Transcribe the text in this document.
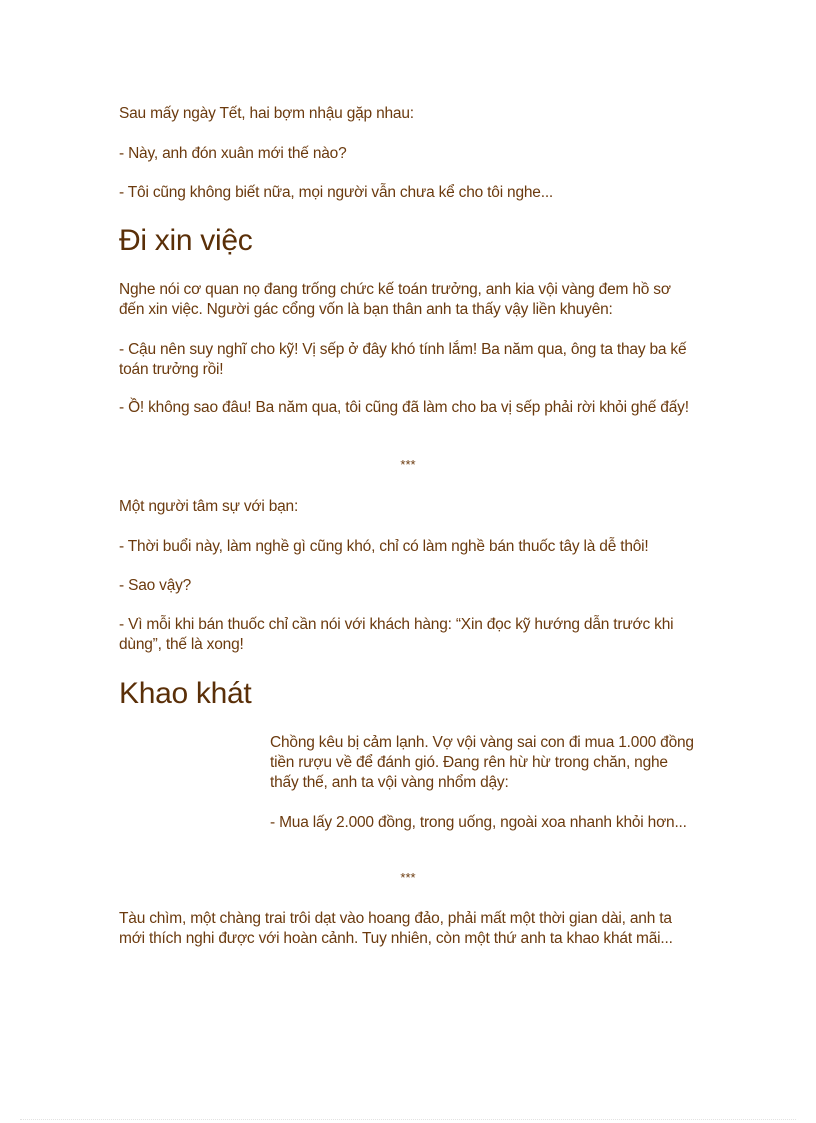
Sau mấy ngày Tết, hai bợm nhậu gặp nhau:

- Này, anh đón xuân mới thế nào?

- Tôi cũng không biết nữa, mọi người vẫn chưa kể cho tôi nghe...

Đi xin việc

Nghe nói cơ quan nọ đang trống chức kế toán trưởng, anh kia vội vàng đem hồ sơ đến xin việc. Người gác cổng vốn là bạn thân anh ta thấy vậy liền khuyên:

- Cậu nên suy nghĩ cho kỹ! Vị sếp ở đây khó tính lắm! Ba năm qua, ông ta thay ba kế toán trưởng rồi!

- Ồ! không sao đâu! Ba năm qua, tôi cũng đã làm cho ba vị sếp phải rời khỏi ghế đấy!

***

Một người tâm sự với bạn:

- Thời buổi này, làm nghề gì cũng khó, chỉ có làm nghề bán thuốc tây là dễ thôi!

- Sao vậy?

- Vì mỗi khi bán thuốc chỉ cần nói với khách hàng: “Xin đọc kỹ hướng dẫn trước khi dùng”, thế là xong!

Khao khát

Chồng kêu bị cảm lạnh. Vợ vội vàng sai con đi mua 1.000 đồng tiền rượu về để đánh gió. Đang rên hừ hừ trong chăn, nghe thấy thế, anh ta vội vàng nhổm dậy:

- Mua lấy 2.000 đồng, trong uống, ngoài xoa nhanh khỏi hơn...

***

Tàu chìm, một chàng trai trôi dạt vào hoang đảo, phải mất một thời gian dài, anh ta mới thích nghi được với hoàn cảnh. Tuy nhiên, còn một thứ anh ta khao khát mãi...
